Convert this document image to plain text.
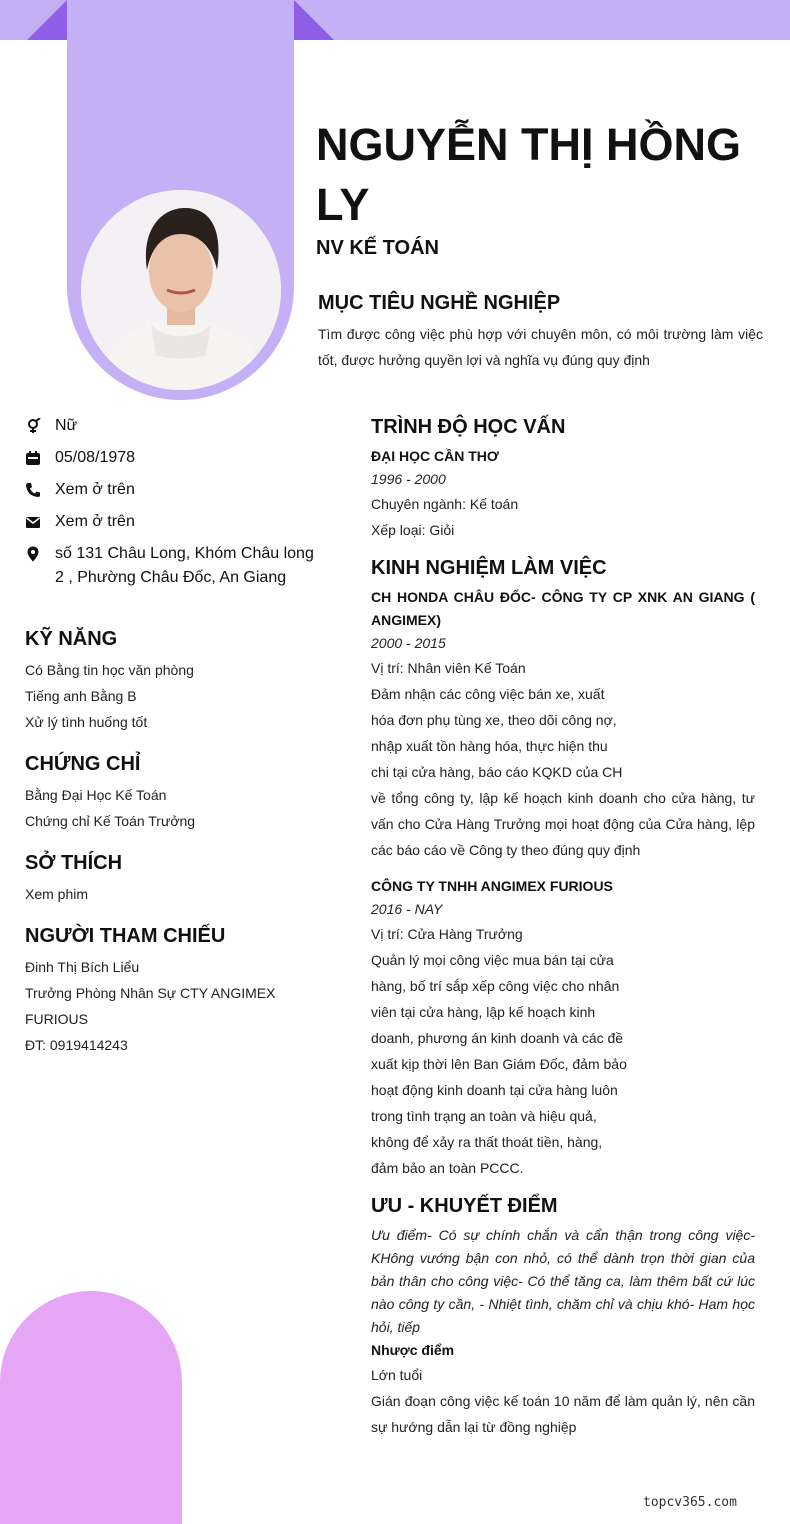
NGUYỄN THỊ HỒNG LY
NV KẾ TOÁN
MỤC TIÊU NGHỀ NGHIỆP
Tìm được công việc phù hợp với chuyên môn, có môi trường làm việc tốt, được hưởng quyền lợi và nghĩa vụ đúng quy định
Nữ
05/08/1978
Xem ở trên
Xem ở trên
số 131 Châu Long, Khóm Châu long 2 , Phường Châu Đốc, An Giang
KỸ NĂNG
Có Bằng tin học văn phòng
Tiếng anh Bằng B
Xử lý tình huống tốt
CHỨNG CHỈ
Bằng Đại Học Kế Toán
Chứng chỉ Kế Toán Trưởng
SỞ THÍCH
Xem phim
NGƯỜI THAM CHIẾU
Đinh Thị Bích Liểu
Trưởng Phòng Nhân Sự CTY ANGIMEX FURIOUS
ĐT: 0919414243
TRÌNH ĐỘ HỌC VẤN
ĐẠI HỌC CẦN THƠ
1996 - 2000
Chuyên ngành: Kế toán
Xếp loại: Giỏi
KINH NGHIỆM LÀM VIỆC
CH HONDA CHÂU ĐỐC- CÔNG TY CP XNK AN GIANG ( ANGIMEX)
2000 - 2015
Vị trí: Nhân viên Kế Toán
Đảm nhận các công việc bán xe, xuất
hóa đơn phụ tùng xe, theo dõi công nợ,
nhập xuất tồn hàng hóa, thực hiện thu
chi tại cửa hàng, báo cáo KQKD của CH
về tổng công ty, lập kế hoạch kinh doanh cho cửa hàng, tư vấn cho Cửa Hàng Trưởng mọi hoạt động của Cửa hàng, lệp các báo cáo về Công ty theo đúng quy định
CÔNG TY TNHH ANGIMEX FURIOUS
2016 - NAY
Vị trí: Cửa Hàng Trưởng
Quản lý mọi công việc mua bán tại cửa
hàng, bố trí sắp xếp công việc cho nhân
viên tại cửa hàng, lập kế hoạch kinh
doanh, phương án kinh doanh và các đề
xuất kịp thời lên Ban Giám Đốc, đảm bảo
hoạt động kinh doanh tại cửa hàng luôn
trong tình trạng an toàn và hiệu quả,
không để xảy ra thất thoát tiền, hàng,
đảm bảo an toàn PCCC.
ƯU - KHUYẾT ĐIỂM
Ưu điểm- Có sự chính chắn và cẩn thận trong công việc- KHông vướng bận con nhỏ, có thể dành trọn thời gian của bản thân cho công việc- Có thể tăng ca, làm thêm bất cứ lúc nào công ty cần, - Nhiệt tình, chăm chỉ và chịu khó- Ham học hỏi, tiếp
Nhược điểm
Lớn tuổi
Gián đoạn công việc kế toán 10 năm để làm quản lý, nên cần sự hướng dẫn lại từ đồng nghiệp
topcv365.com
